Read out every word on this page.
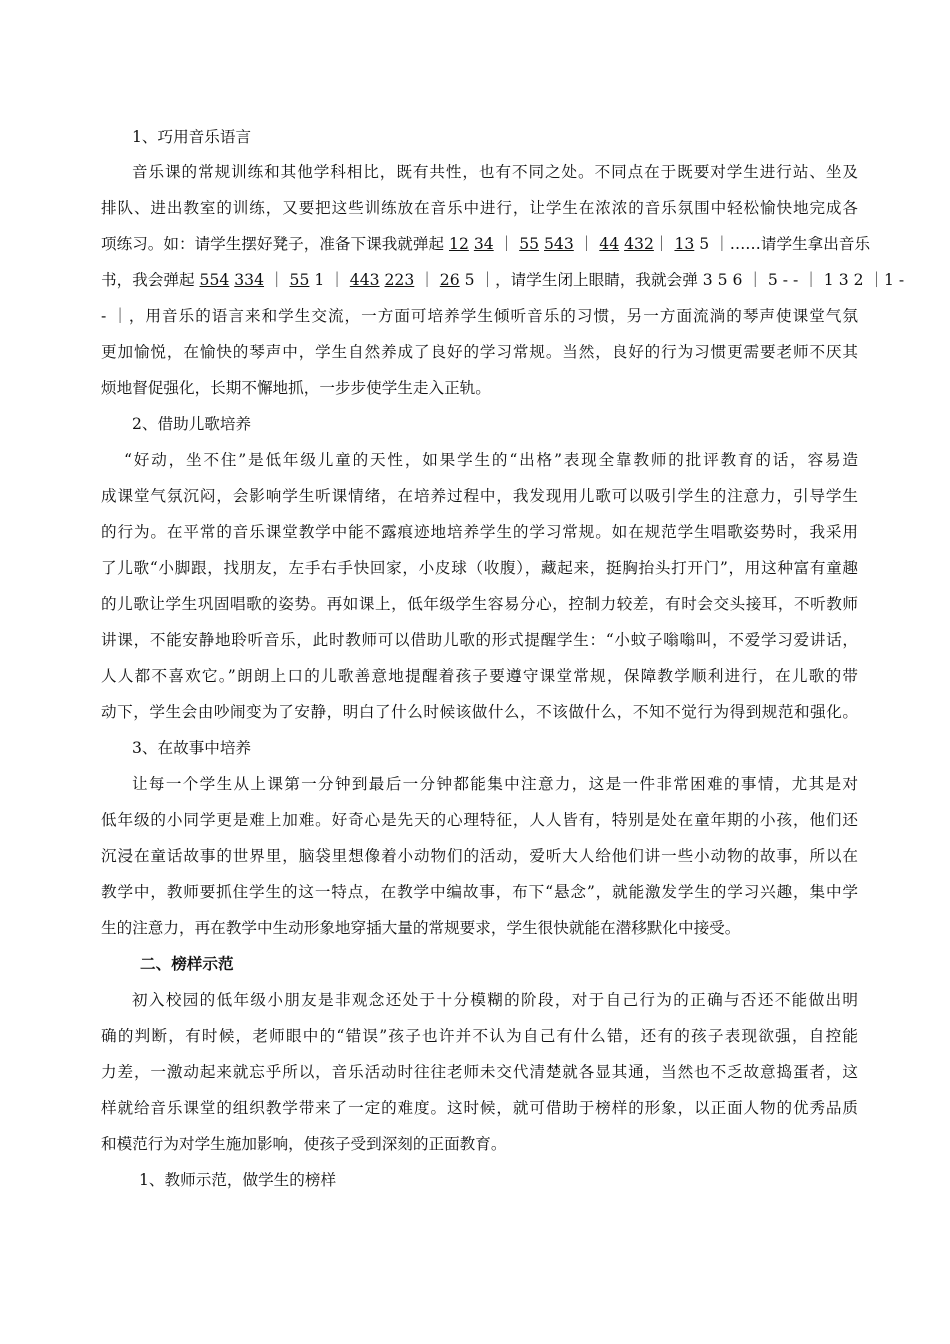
1、巧用音乐语言
音乐课的常规训练和其他学科相比，既有共性，也有不同之处。不同点在于既要对学生进行站、坐及
排队、进出教室的训练，又要把这些训练放在音乐中进行，让学生在浓浓的音乐氛围中轻松愉快地完成各
项练习。如：请学生摆好凳子，准备下课我就弹起 12 34 ｜ 55 543 ｜ 44 432｜ 13 5 ｜……请学生拿出音乐
书，我会弹起 554 334 ｜ 55 1 ｜ 443 223 ｜ 26 5 ｜，请学生闭上眼睛，我就会弹 3 5 6 ｜ 5 - - ｜ 1 3 2 ｜1 -
- ｜，用音乐的语言来和学生交流，一方面可培养学生倾听音乐的习惯，另一方面流淌的琴声使课堂气氛
更加愉悦，在愉快的琴声中，学生自然养成了良好的学习常规。当然，良好的行为习惯更需要老师不厌其
烦地督促强化，长期不懈地抓，一步步使学生走入正轨。
2、借助儿歌培养
“好动，坐不住”是低年级儿童的天性，如果学生的“出格”表现全靠教师的批评教育的话，容易造
成课堂气氛沉闷，会影响学生听课情绪，在培养过程中，我发现用儿歌可以吸引学生的注意力，引导学生
的行为。在平常的音乐课堂教学中能不露痕迹地培养学生的学习常规。如在规范学生唱歌姿势时，我采用
了儿歌“小脚跟，找朋友，左手右手快回家，小皮球（收腹），藏起来，挺胸抬头打开门”，用这种富有童趣
的儿歌让学生巩固唱歌的姿势。再如课上，低年级学生容易分心，控制力较差，有时会交头接耳，不听教师
讲课，不能安静地聆听音乐，此时教师可以借助儿歌的形式提醒学生：“小蚊子嗡嗡叫，不爱学习爱讲话，
人人都不喜欢它。”朗朗上口的儿歌善意地提醒着孩子要遵守课堂常规，保障教学顺利进行，在儿歌的带
动下，学生会由吵闹变为了安静，明白了什么时候该做什么，不该做什么，不知不觉行为得到规范和强化。
3、在故事中培养
让每一个学生从上课第一分钟到最后一分钟都能集中注意力，这是一件非常困难的事情，尤其是对
低年级的小同学更是难上加难。好奇心是先天的心理特征，人人皆有，特别是处在童年期的小孩，他们还
沉浸在童话故事的世界里，脑袋里想像着小动物们的活动，爱听大人给他们讲一些小动物的故事，所以在
教学中，教师要抓住学生的这一特点，在教学中编故事，布下“悬念”，就能激发学生的学习兴趣，集中学
生的注意力，再在教学中生动形象地穿插大量的常规要求，学生很快就能在潜移默化中接受。
二、榜样示范
初入校园的低年级小朋友是非观念还处于十分模糊的阶段，对于自己行为的正确与否还不能做出明
确的判断，有时候，老师眼中的“错误”孩子也许并不认为自己有什么错，还有的孩子表现欲强，自控能
力差，一激动起来就忘乎所以，音乐活动时往往老师未交代清楚就各显其通，当然也不乏故意捣蛋者，这
样就给音乐课堂的组织教学带来了一定的难度。这时候，就可借助于榜样的形象，以正面人物的优秀品质
和模范行为对学生施加影响，使孩子受到深刻的正面教育。
1、教师示范，做学生的榜样
